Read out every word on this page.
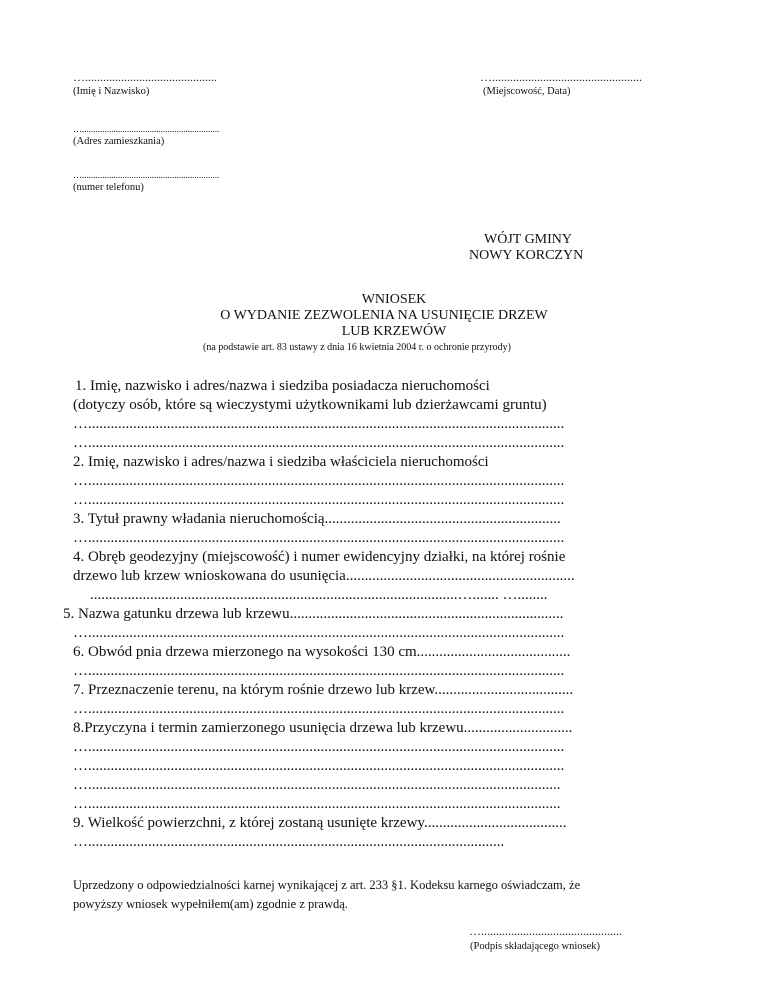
…............................................
(Imię i Nazwisko)
…..................................................
(Miejscowość, Data)
….............................................................
(Adres zamieszkania)
….............................................................
(numer telefonu)
WÓJT GMINY
NOWY KORCZYN
WNIOSEK
O WYDANIE ZEZWOLENIA NA USUNIĘCIE DRZEW
LUB KRZEWÓW
(na podstawie art. 83 ustawy z dnia 16 kwietnia 2004 r. o ochronie przyrody)
1. Imię, nazwisko i adres/nazwa i siedziba posiadacza nieruchomości
(dotyczy osób, które są wieczystymi użytkownikami lub dzierżawcami gruntu)
…...............................................................................................................................
…...............................................................................................................................
2. Imię, nazwisko i adres/nazwa i siedziba właściciela nieruchomości
…...............................................................................................................................
…...............................................................................................................................
3. Tytuł prawny władania nieruchomością...............................................................
…...............................................................................................................................
4. Obręb geodezyjny (miejscowość) i numer ewidencyjny działki, na której rośnie
drzewo lub krzew wnioskowana do usunięcia.............................................................
..................................................................................................…....... …........
5. Nazwa gatunku drzewa lub krzewu.........................................................................
…...............................................................................................................................
6. Obwód pnia drzewa mierzonego na wysokości 130 cm.........................................
…...............................................................................................................................
7. Przeznaczenie terenu, na którym rośnie drzewo lub krzew.....................................
…...............................................................................................................................
8.Przyczyna i termin zamierzonego usunięcia drzewa lub krzewu.............................
…...............................................................................................................................
…...............................................................................................................................
…..............................................................................................................................
…..............................................................................................................................
9. Wielkość powierzchni, z której zostaną usunięte krzewy......................................
…...............................................................................................................
Uprzedzony o odpowiedzialności karnej wynikającej z art. 233 §1. Kodeksu karnego oświadczam, że
powyższy wniosek wypełniłem(am) zgodnie z prawdą.
…...............................................
(Podpis składającego wniosek)
